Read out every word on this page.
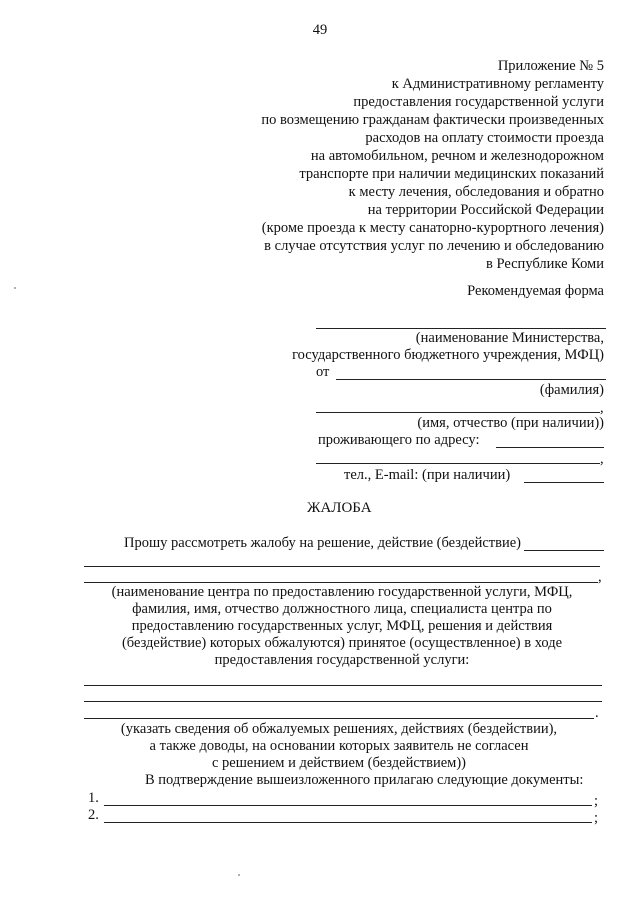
49
Приложение № 5
к Административному регламенту
предоставления государственной услуги
по возмещению гражданам фактически произведенных
расходов на оплату стоимости проезда
на автомобильном, речном и железнодорожном
транспорте при наличии медицинских показаний
к месту лечения, обследования и обратно
на территории Российской Федерации
(кроме проезда к месту санаторно-курортного лечения)
в случае отсутствия услуг по лечению и обследованию
в Республике Коми
Рекомендуемая форма
(наименование Министерства,
государственного бюджетного учреждения, МФЦ)
от
(фамилия)
,
(имя, отчество (при наличии))
проживающего по адресу:
,
тел., E-mail: (при наличии)
ЖАЛОБА
Прошу рассмотреть жалобу на решение, действие (бездействие)
,
(наименование центра по предоставлению государственной услуги, МФЦ,
фамилия, имя, отчество должностного лица, специалиста центра по
предоставлению государственных услуг, МФЦ, решения и действия
(бездействие) которых обжалуются) принятое (осуществленное) в ходе
предоставления государственной услуги:
.
(указать сведения об обжалуемых решениях, действиях (бездействии),
а также доводы, на основании которых заявитель не согласен
с решением и действием (бездействием))
В подтверждение вышеизложенного прилагаю следующие документы:
1.	;
2.	;
